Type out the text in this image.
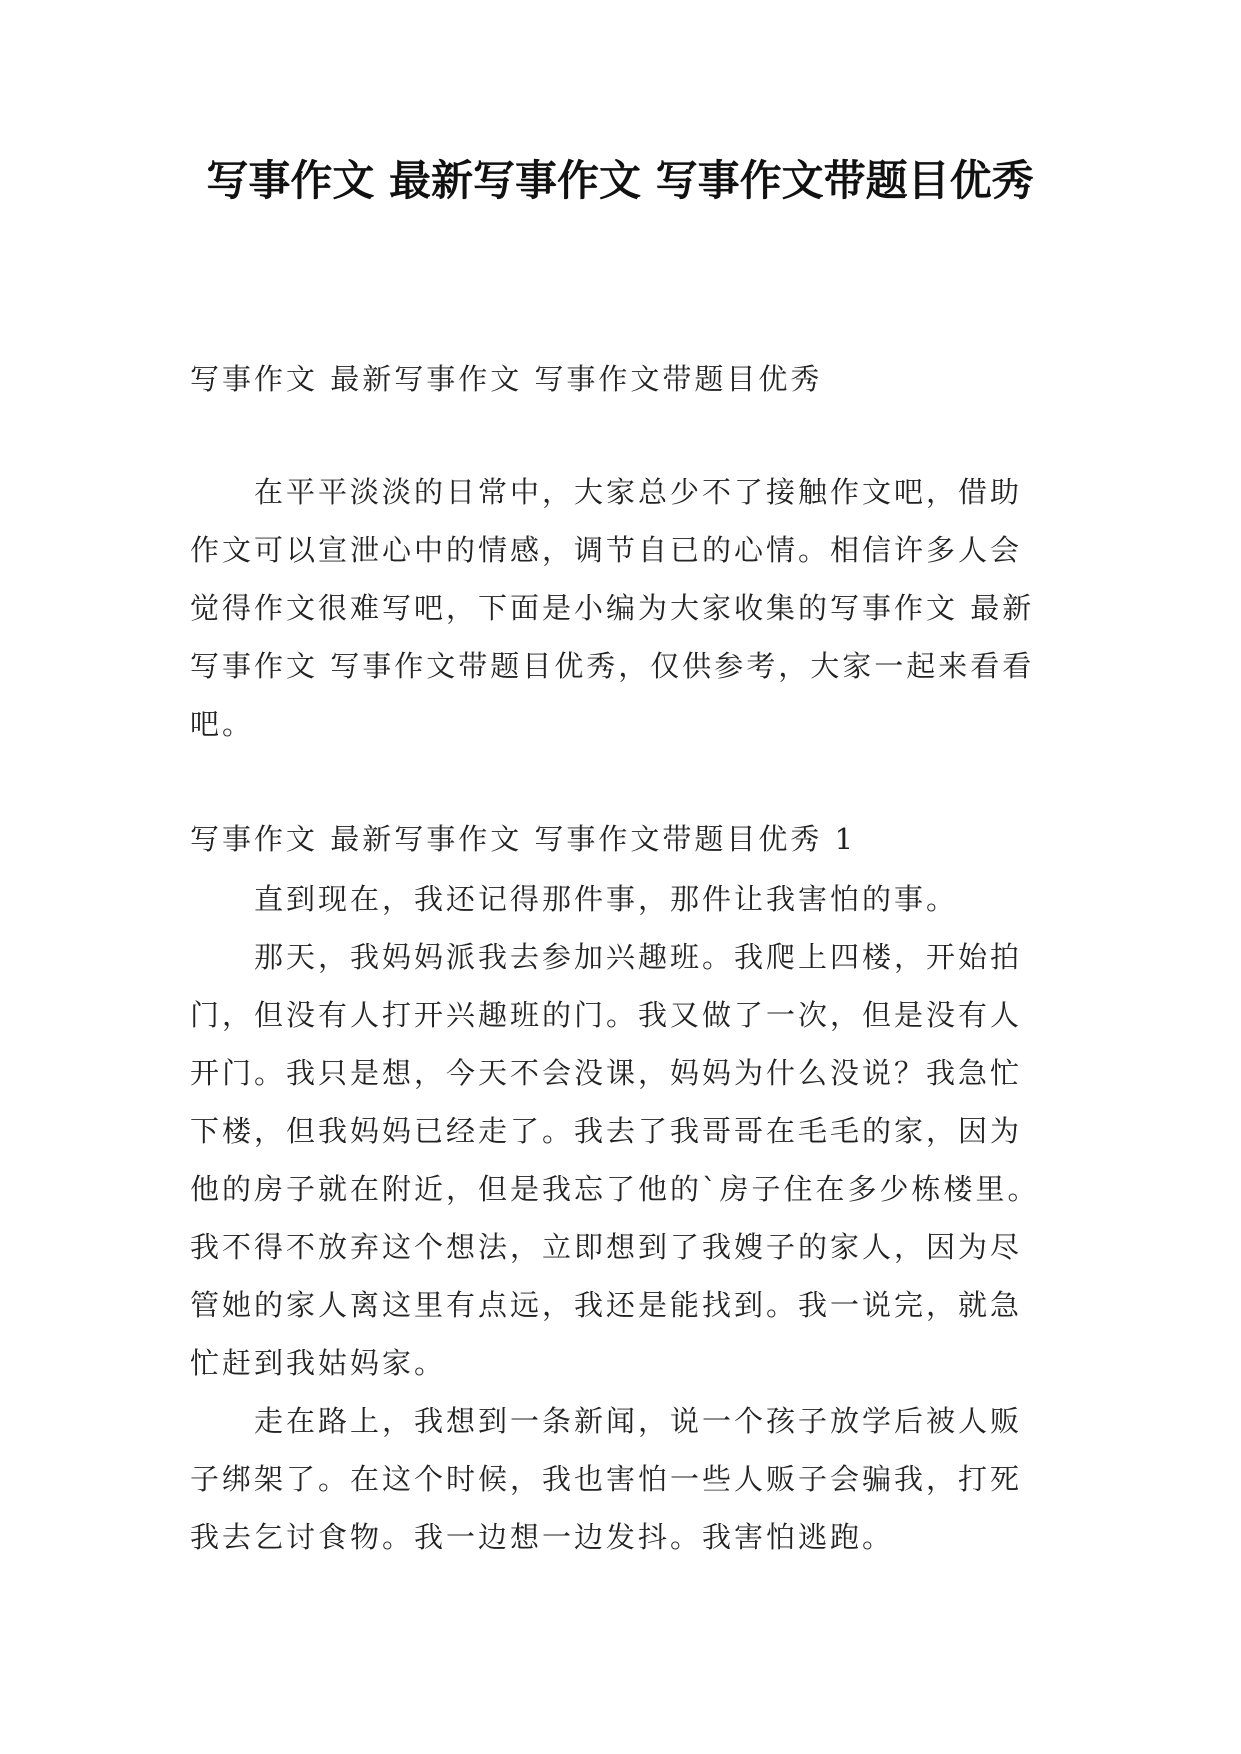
写事作文 最新写事作文 写事作文带题目优秀

写事作文 最新写事作文 写事作文带题目优秀

在平平淡淡的日常中，大家总少不了接触作文吧，借助作文可以宣泄心中的情感，调节自已的心情。相信许多人会觉得作文很难写吧，下面是小编为大家收集的写事作文 最新写事作文 写事作文带题目优秀，仅供参考，大家一起来看看吧。

写事作文 最新写事作文 写事作文带题目优秀 1

直到现在，我还记得那件事，那件让我害怕的事。

那天，我妈妈派我去参加兴趣班。我爬上四楼，开始拍门，但没有人打开兴趣班的门。我又做了一次，但是没有人开门。我只是想，今天不会没课，妈妈为什么没说？我急忙下楼，但我妈妈已经走了。我去了我哥哥在毛毛的家，因为他的房子就在附近，但是我忘了他的`房子住在多少栋楼里。我不得不放弃这个想法，立即想到了我嫂子的家人，因为尽管她的家人离这里有点远，我还是能找到。我一说完，就急忙赶到我姑妈家。

走在路上，我想到一条新闻，说一个孩子放学后被人贩子绑架了。在这个时候，我也害怕一些人贩子会骗我，打死我去乞讨食物。我一边想一边发抖。我害怕逃跑。
